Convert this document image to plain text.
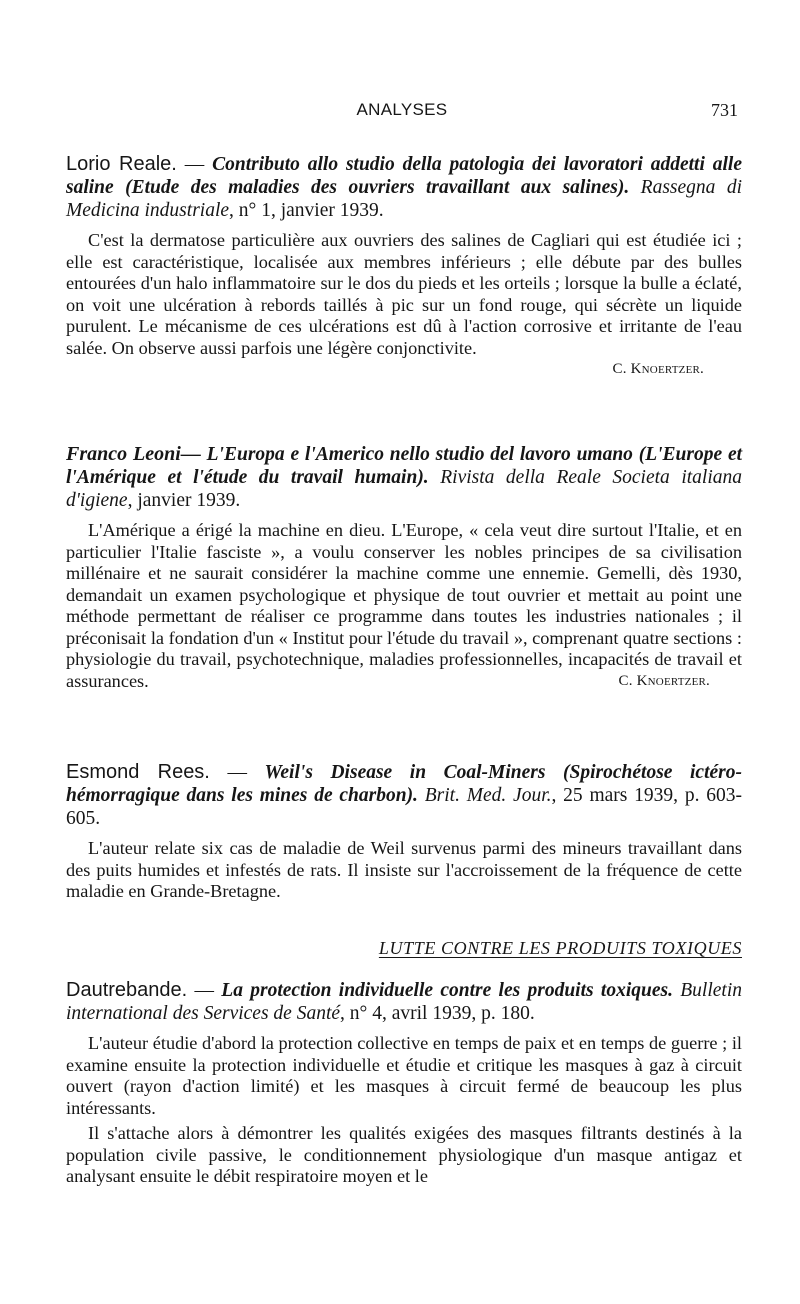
ANALYSES	731

Lorio Reale. — Contributo allo studio della patologia dei lavoratori addetti alle saline (Etude des maladies des ouvriers travaillant aux salines). Rassegna di Medicina industriale, n° 1, janvier 1939.

C'est la dermatose particulière aux ouvriers des salines de Cagliari qui est étudiée ici ; elle est caractéristique, localisée aux membres inférieurs ; elle débute par des bulles entourées d'un halo inflammatoire sur le dos du pieds et les orteils ; lorsque la bulle a éclaté, on voit une ulcération à rebords taillés à pic sur un fond rouge, qui sécrète un liquide purulent. Le mécanisme de ces ulcérations est dû à l'action corrosive et irritante de l'eau salée. On observe aussi parfois une légère conjonctivite.

C. Knoertzer.

Franco Leoni— L'Europa e l'Americo nello studio del lavoro umano (L'Europe et l'Amérique et l'étude du travail humain). Rivista della Reale Societa italiana d'igiene, janvier 1939.

L'Amérique a érigé la machine en dieu. L'Europe, « cela veut dire surtout l'Italie, et en particulier l'Italie fasciste », a voulu conserver les nobles principes de sa civilisation millénaire et ne saurait considérer la machine comme une ennemie. Gemelli, dès 1930, demandait un examen psychologique et physique de tout ouvrier et mettait au point une méthode permettant de réaliser ce programme dans toutes les industries nationales ; il préconisait la fondation d'un « Institut pour l'étude du travail », comprenant quatre sections : physiologie du travail, psychotechnique, maladies professionnelles, incapacités de travail et assurances.	C. Knoertzer.

Esmond Rees. — Weil's Disease in Coal-Miners (Spirochétose ictéro-hémorragique dans les mines de charbon). Brit. Med. Jour., 25 mars 1939, p. 603-605.

L'auteur relate six cas de maladie de Weil survenus parmi des mineurs travaillant dans des puits humides et infestés de rats. Il insiste sur l'accroissement de la fréquence de cette maladie en Grande-Bretagne.

LUTTE CONTRE LES PRODUITS TOXIQUES

Dautrebande. — La protection individuelle contre les produits toxiques. Bulletin international des Services de Santé, n° 4, avril 1939, p. 180.

L'auteur étudie d'abord la protection collective en temps de paix et en temps de guerre ; il examine ensuite la protection individuelle et étudie et critique les masques à gaz à circuit ouvert (rayon d'action limité) et les masques à circuit fermé de beaucoup les plus intéressants.

Il s'attache alors à démontrer les qualités exigées des masques filtrants destinés à la population civile passive, le conditionnement physiologique d'un masque antigaz et analysant ensuite le débit respiratoire moyen et le
